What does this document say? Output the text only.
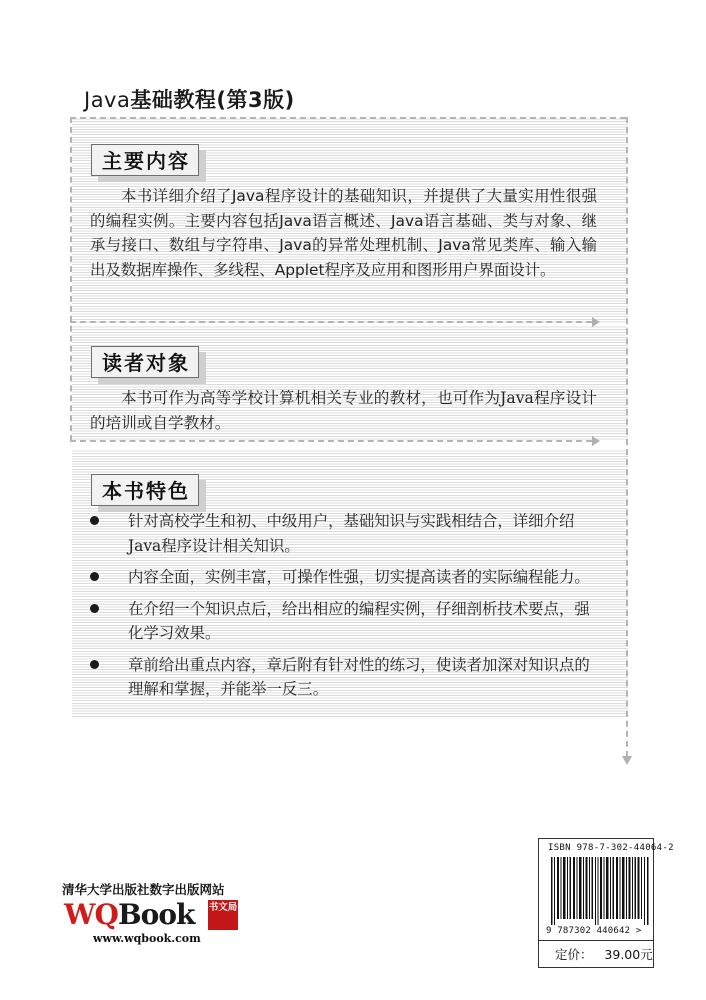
Java基础教程(第3版)
主要内容
本书详细介绍了Java程序设计的基础知识，并提供了大量实用性很强的编程实例。主要内容包括Java语言概述、Java语言基础、类与对象、继承与接口、数组与字符串、Java的异常处理机制、Java常见类库、输入输出及数据库操作、多线程、Applet程序及应用和图形用户界面设计。
读者对象
本书可作为高等学校计算机相关专业的教材，也可作为Java程序设计的培训或自学教材。
本书特色
针对高校学生和初、中级用户，基础知识与实践相结合，详细介绍Java程序设计相关知识。
内容全面，实例丰富，可操作性强，切实提高读者的实际编程能力。
在介绍一个知识点后，给出相应的编程实例，仔细剖析技术要点，强化学习效果。
章前给出重点内容，章后附有针对性的练习，使读者加深对知识点的理解和掌握，并能举一反三。
清华大学出版社数字出版网站
WQ Book 书文局
www.wqbook.com
ISBN 978-7-302-44064-2
9 787302 440642 >
定价：   39.00元
